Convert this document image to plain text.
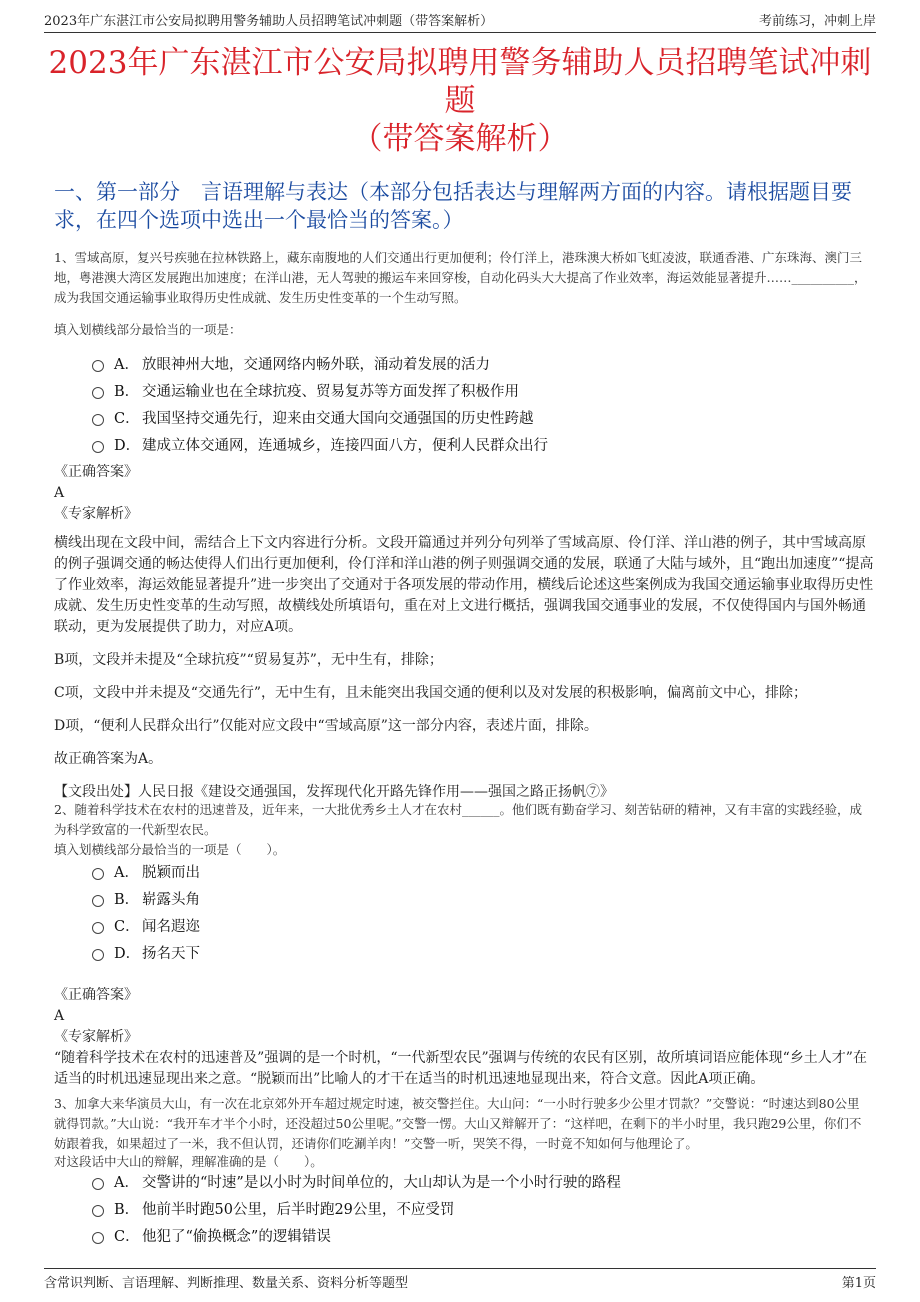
2023年广东湛江市公安局拟聘用警务辅助人员招聘笔试冲刺题（带答案解析）	考前练习，冲刺上岸
2023年广东湛江市公安局拟聘用警务辅助人员招聘笔试冲刺题
（带答案解析）
一、第一部分　言语理解与表达（本部分包括表达与理解两方面的内容。请根据题目要求，在四个选项中选出一个最恰当的答案。）
1、雪域高原，复兴号疾驰在拉林铁路上，藏东南腹地的人们交通出行更加便利；伶仃洋上，港珠澳大桥如飞虹凌波，联通香港、广东珠海、澳门三地，粤港澳大湾区发展跑出加速度；在洋山港，无人驾驶的搬运车来回穿梭，自动化码头大大提高了作业效率，海运效能显著提升……__________，成为我国交通运输事业取得历史性成就、发生历史性变革的一个生动写照。
填入划横线部分最恰当的一项是：
A． 放眼神州大地，交通网络内畅外联，涌动着发展的活力
B． 交通运输业也在全球抗疫、贸易复苏等方面发挥了积极作用
C． 我国坚持交通先行，迎来由交通大国向交通强国的历史性跨越
D． 建成立体交通网，连通城乡，连接四面八方，便利人民群众出行
《正确答案》
A
《专家解析》
横线出现在文段中间，需结合上下文内容进行分析。文段开篇通过并列分句列举了雪域高原、伶仃洋、洋山港的例子，其中雪域高原的例子强调交通的畅达使得人们出行更加便利，伶仃洋和洋山港的例子则强调交通的发展，联通了大陆与域外，且“跑出加速度”“提高了作业效率，海运效能显著提升”进一步突出了交通对于各项发展的带动作用，横线后论述这些案例成为我国交通运输事业取得历史性成就、发生历史性变革的生动写照，故横线处所填语句，重在对上文进行概括，强调我国交通事业的发展，不仅使得国内与国外畅通联动，更为发展提供了助力，对应A项。
B项，文段并未提及“全球抗疫”“贸易复苏”，无中生有，排除；
C项，文段中并未提及“交通先行”，无中生有，且未能突出我国交通的便利以及对发展的积极影响，偏离前文中心，排除；
D项，“便利人民群众出行”仅能对应文段中“雪域高原”这一部分内容，表述片面，排除。
故正确答案为A。
【文段出处】人民日报《建设交通强国，发挥现代化开路先锋作用——强国之路正扬帆⑦》
2、随着科学技术在农村的迅速普及，近年来，一大批优秀乡土人才在农村______。他们既有勤奋学习、刻苦钻研的精神，又有丰富的实践经验，成为科学致富的一代新型农民。
填入划横线部分最恰当的一项是（　　）。
A． 脱颖而出
B． 崭露头角
C． 闻名遐迩
D． 扬名天下
《正确答案》
A
《专家解析》
“随着科学技术在农村的迅速普及”强调的是一个时机，“一代新型农民”强调与传统的农民有区别，故所填词语应能体现“乡土人才”在适当的时机迅速显现出来之意。“脱颖而出”比喻人的才干在适当的时机迅速地显现出来，符合文意。因此A项正确。
3、加拿大来华演员大山，有一次在北京郊外开车超过规定时速，被交警拦住。大山问：“一小时行驶多少公里才罚款？”交警说：“时速达到80公里就得罚款。”大山说：“我开车才半个小时，还没超过50公里呢。”交警一愣。大山又辩解开了：“这样吧，在剩下的半小时里，我只跑29公里，你们不妨跟着我，如果超过了一米，我不但认罚，还请你们吃涮羊肉！”交警一听，哭笑不得，一时竟不知如何与他理论了。
对这段话中大山的辩解，理解准确的是（　　）。
A． 交警讲的“时速”是以小时为时间单位的，大山却认为是一个小时行驶的路程
B． 他前半时跑50公里，后半时跑29公里，不应受罚
C． 他犯了“偷换概念”的逻辑错误
含常识判断、言语理解、判断推理、数量关系、资料分析等题型	第1页
